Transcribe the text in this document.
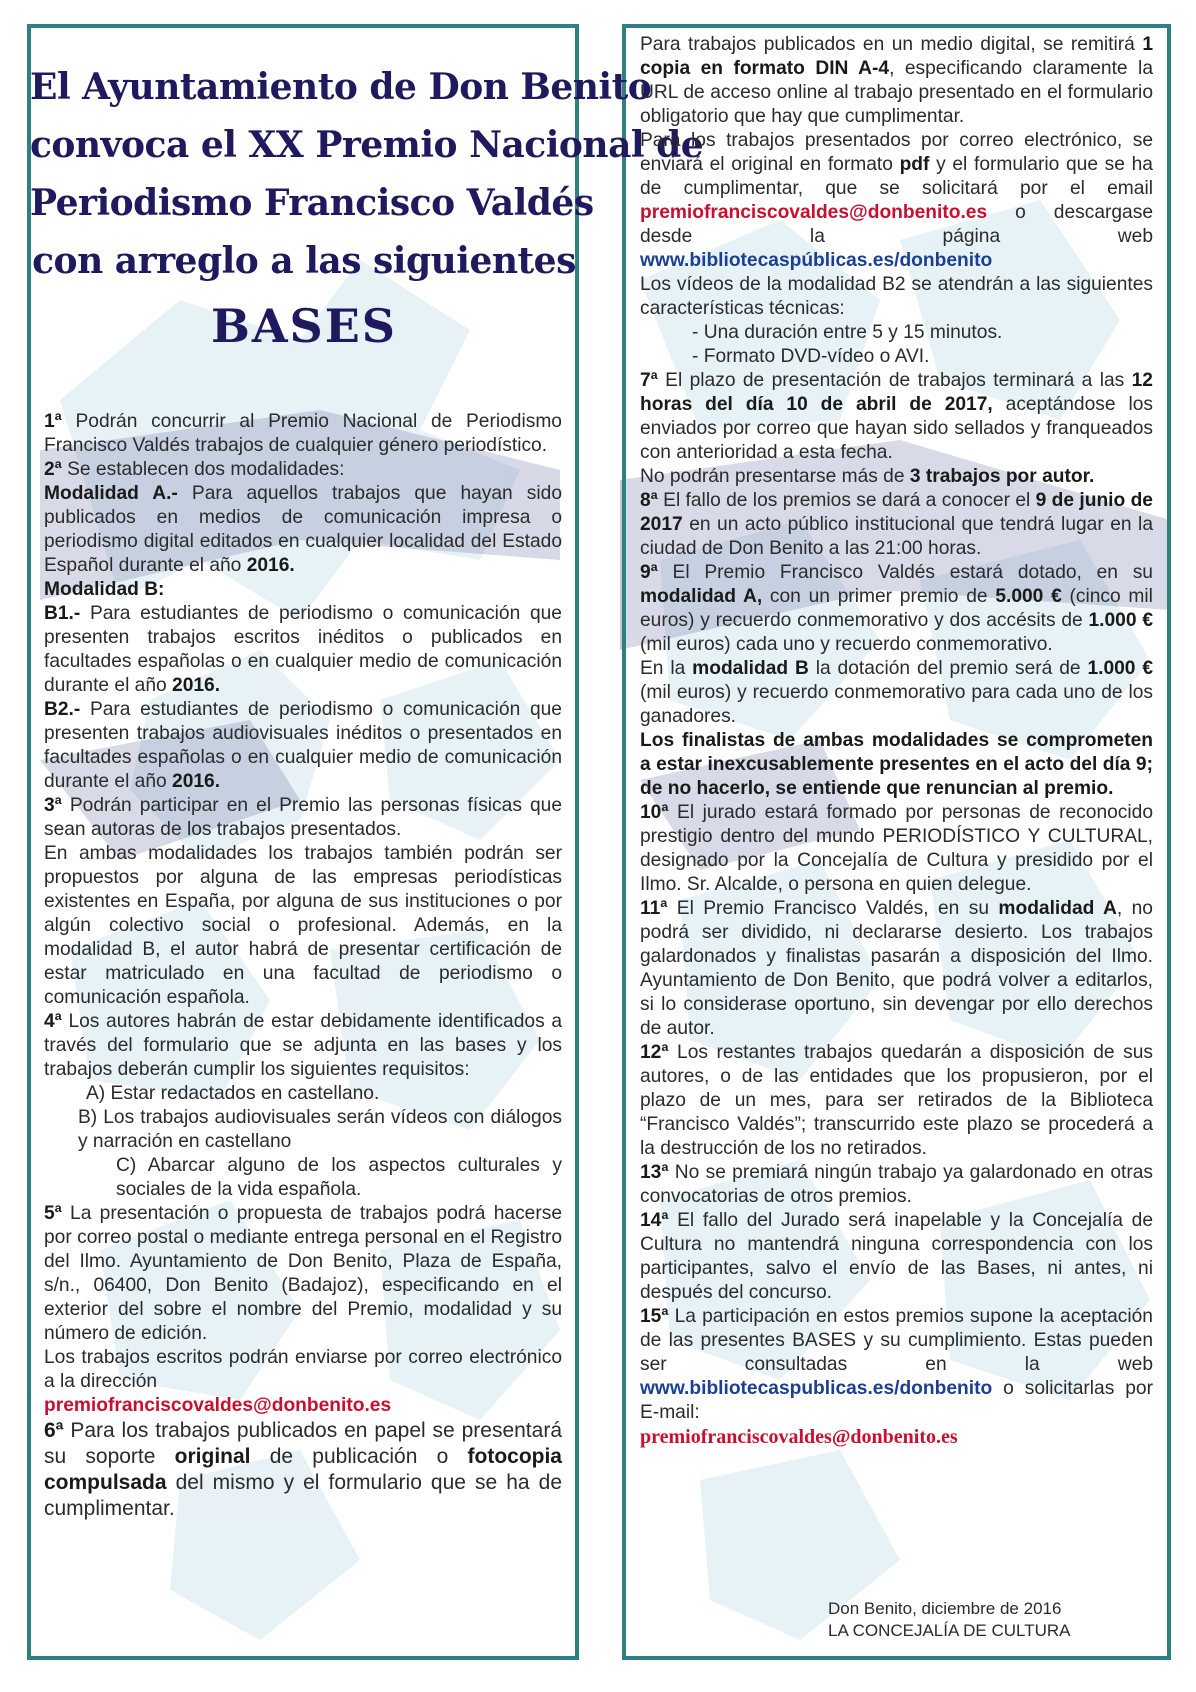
El Ayuntamiento de Don Benito
convoca el XX Premio Nacional de
Periodismo Francisco Valdés
con arreglo a las siguientes
BASES

1ª Podrán concurrir al Premio Nacional de Periodismo Francisco Valdés trabajos de cualquier género periodístico.

2ª Se establecen dos modalidades:

Modalidad A.- Para aquellos trabajos que hayan sido publicados en medios de comunicación impresa o periodismo digital editados en cualquier localidad del Estado Español durante el año 2016.

Modalidad B:

B1.- Para estudiantes de periodismo o comunicación que presenten trabajos escritos inéditos o publicados en facultades españolas o en cualquier medio de comunicación durante el año 2016.

B2.- Para estudiantes de periodismo o comunicación que presenten trabajos audiovisuales inéditos o presentados en facultades españolas o en cualquier medio de comunicación durante el año 2016.

3ª Podrán participar en el Premio las personas físicas que sean autoras de los trabajos presentados.

En ambas modalidades los trabajos también podrán ser propuestos por alguna de las empresas periodísticas existentes en España, por alguna de sus instituciones o por algún colectivo social o profesional. Además, en la modalidad B, el autor habrá de presentar certificación de estar matriculado en una facultad de periodismo o comunicación española.

4ª Los autores habrán de estar debidamente identificados a través del formulario que se adjunta en las bases y los trabajos deberán cumplir los siguientes requisitos:

A) Estar redactados en castellano.

B) Los trabajos audiovisuales serán vídeos con diálogos y narración en castellano

C) Abarcar alguno de los aspectos culturales y sociales de la vida española.

5ª La presentación o propuesta de trabajos podrá hacerse por correo postal o mediante entrega personal en el Registro del Ilmo. Ayuntamiento de Don Benito, Plaza de España, s/n., 06400, Don Benito (Badajoz), especificando en el exterior del sobre el nombre del Premio, modalidad y su número de edición.

Los trabajos escritos podrán enviarse por correo electrónico a la dirección

premiofranciscovaldes@donbenito.es

6ª Para los trabajos publicados en papel se presentará su soporte original de publicación o fotocopia compulsada del mismo y el formulario que se ha de cumplimentar.

Para trabajos publicados en un medio digital, se remitirá 1 copia en formato DIN A-4, especificando claramente la URL de acceso online al trabajo presentado en el formulario obligatorio que hay que cumplimentar.

Para los trabajos presentados por correo electrónico, se enviará el original en formato pdf y el formulario que se ha de cumplimentar, que se solicitará por el email premiofranciscovaldes@donbenito.es o descargase desde la página web www.bibliotecaspúblicas.es/donbenito

Los vídeos de la modalidad B2 se atendrán a las siguientes características técnicas:

- Una duración entre 5 y 15 minutos.

- Formato DVD-vídeo o AVI.

7ª El plazo de presentación de trabajos terminará a las 12 horas del día 10 de abril de 2017, aceptándose los enviados por correo que hayan sido sellados y franqueados con anterioridad a esta fecha.

No podrán presentarse más de 3 trabajos por autor.

8ª El fallo de los premios se dará a conocer el 9 de junio de 2017 en un acto público institucional que tendrá lugar en la ciudad de Don Benito a las 21:00 horas.

9ª El Premio Francisco Valdés estará dotado, en su modalidad A, con un primer premio de 5.000 € (cinco mil euros) y recuerdo conmemorativo y dos accésits de 1.000 € (mil euros) cada uno y recuerdo conmemorativo.

En la modalidad B la dotación del premio será de 1.000 € (mil euros) y recuerdo conmemorativo para cada uno de los ganadores.

Los finalistas de ambas modalidades se comprometen a estar inexcusablemente presentes en el acto del día 9; de no hacerlo, se entiende que renuncian al premio.

10ª El jurado estará formado por personas de reconocido prestigio dentro del mundo PERIODÍSTICO Y CULTURAL, designado por la Concejalía de Cultura y presidido por el Ilmo. Sr. Alcalde, o persona en quien delegue.

11ª El Premio Francisco Valdés, en su modalidad A, no podrá ser dividido, ni declararse desierto. Los trabajos galardonados y finalistas pasarán a disposición del Ilmo. Ayuntamiento de Don Benito, que podrá volver a editarlos, si lo considerase oportuno, sin devengar por ello derechos de autor.

12ª Los restantes trabajos quedarán a disposición de sus autores, o de las entidades que los propusieron, por el plazo de un mes, para ser retirados de la Biblioteca “Francisco Valdés”; transcurrido este plazo se procederá a la destrucción de los no retirados.

13ª No se premiará ningún trabajo ya galardonado en otras convocatorias de otros premios.

14ª El fallo del Jurado será inapelable y la Concejalía de Cultura no mantendrá ninguna correspondencia con los participantes, salvo el envío de las Bases, ni antes, ni después del concurso.

15ª La participación en estos premios supone la aceptación de las presentes BASES y su cumplimiento. Estas pueden ser consultadas en la web www.bibliotecaspublicas.es/donbenito o solicitarlas por E-mail:

premiofranciscovaldes@donbenito.es

Don Benito, diciembre de 2016
LA CONCEJALÍA DE CULTURA
